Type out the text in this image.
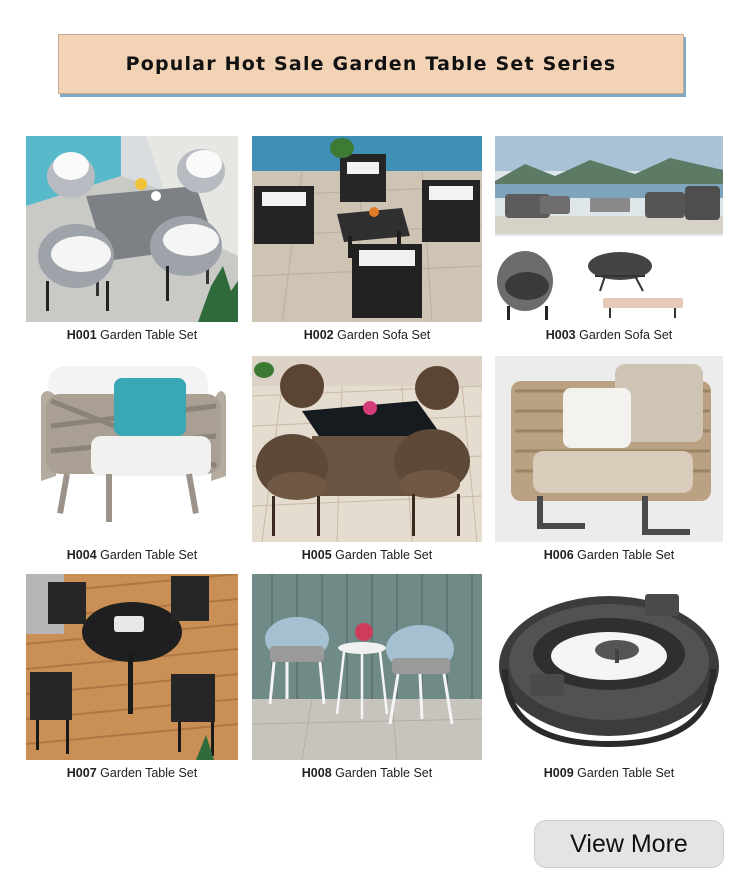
Popular Hot Sale Garden Table Set Series
H001 Garden Table Set	H002 Garden Sofa Set	H003 Garden Sofa Set
H004 Garden Table Set	H005 Garden Table Set	H006 Garden Table Set
H007 Garden Table Set	H008 Garden Table Set	H009 Garden Table Set
View More
